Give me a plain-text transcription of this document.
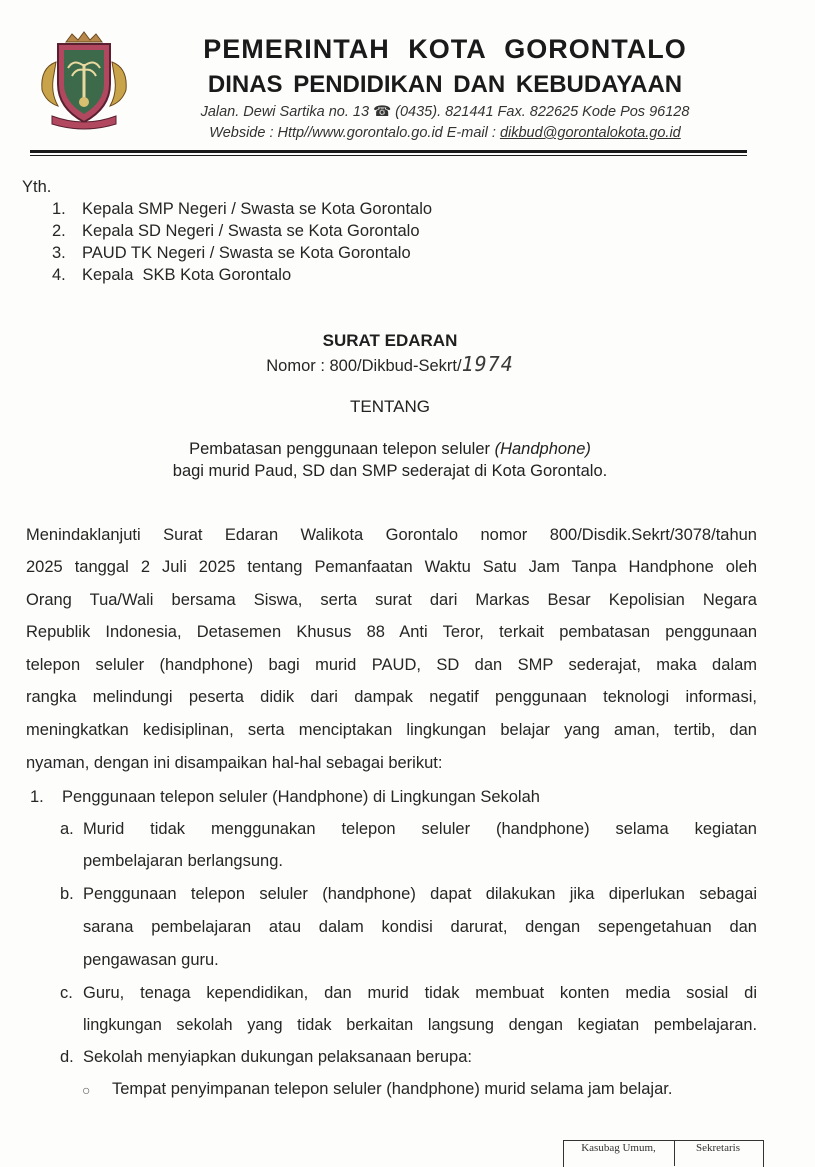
PEMERINTAH KOTA GORONTALO
DINAS PENDIDIKAN DAN KEBUDAYAAN
Jalan. Dewi Sartika no. 13 ☎ (0435). 821441 Fax. 822625 Kode Pos 96128
Webside : Http//www.gorontalo.go.id E-mail : dikbud@gorontalokota.go.id
Yth.
1. Kepala SMP Negeri / Swasta se Kota Gorontalo
2. Kepala SD Negeri / Swasta se Kota Gorontalo
3. PAUD TK Negeri / Swasta se Kota Gorontalo
4. Kepala  SKB Kota Gorontalo
SURAT EDARAN
Nomor : 800/Dikbud-Sekrt/1974
TENTANG
Pembatasan penggunaan telepon seluler (Handphone)
bagi murid Paud, SD dan SMP sederajat di Kota Gorontalo.
Menindaklanjuti Surat Edaran Walikota Gorontalo nomor 800/Disdik.Sekrt/3078/tahun
2025 tanggal 2 Juli 2025 tentang Pemanfaatan Waktu Satu Jam Tanpa Handphone oleh
Orang Tua/Wali bersama Siswa, serta surat dari Markas Besar Kepolisian Negara
Republik Indonesia, Detasemen Khusus 88 Anti Teror, terkait pembatasan penggunaan
telepon seluler (handphone) bagi murid PAUD, SD dan SMP sederajat, maka dalam
rangka melindungi peserta didik dari dampak negatif penggunaan teknologi informasi,
meningkatkan kedisiplinan, serta menciptakan lingkungan belajar yang aman, tertib, dan
nyaman, dengan ini disampaikan hal-hal sebagai berikut:
1. Penggunaan telepon seluler (Handphone) di Lingkungan Sekolah
a. Murid tidak menggunakan telepon seluler (handphone) selama kegiatan
pembelajaran berlangsung.
b. Penggunaan telepon seluler (handphone) dapat dilakukan jika diperlukan sebagai
sarana pembelajaran atau dalam kondisi darurat, dengan sepengetahuan dan
pengawasan guru.
c. Guru, tenaga kependidikan, dan murid tidak membuat konten media sosial di
lingkungan sekolah yang tidak berkaitan langsung dengan kegiatan pembelajaran.
d. Sekolah menyiapkan dukungan pelaksanaan berupa:
○ Tempat penyimpanan telepon seluler (handphone) murid selama jam belajar.
Kasubag Umum,	Sekretaris
